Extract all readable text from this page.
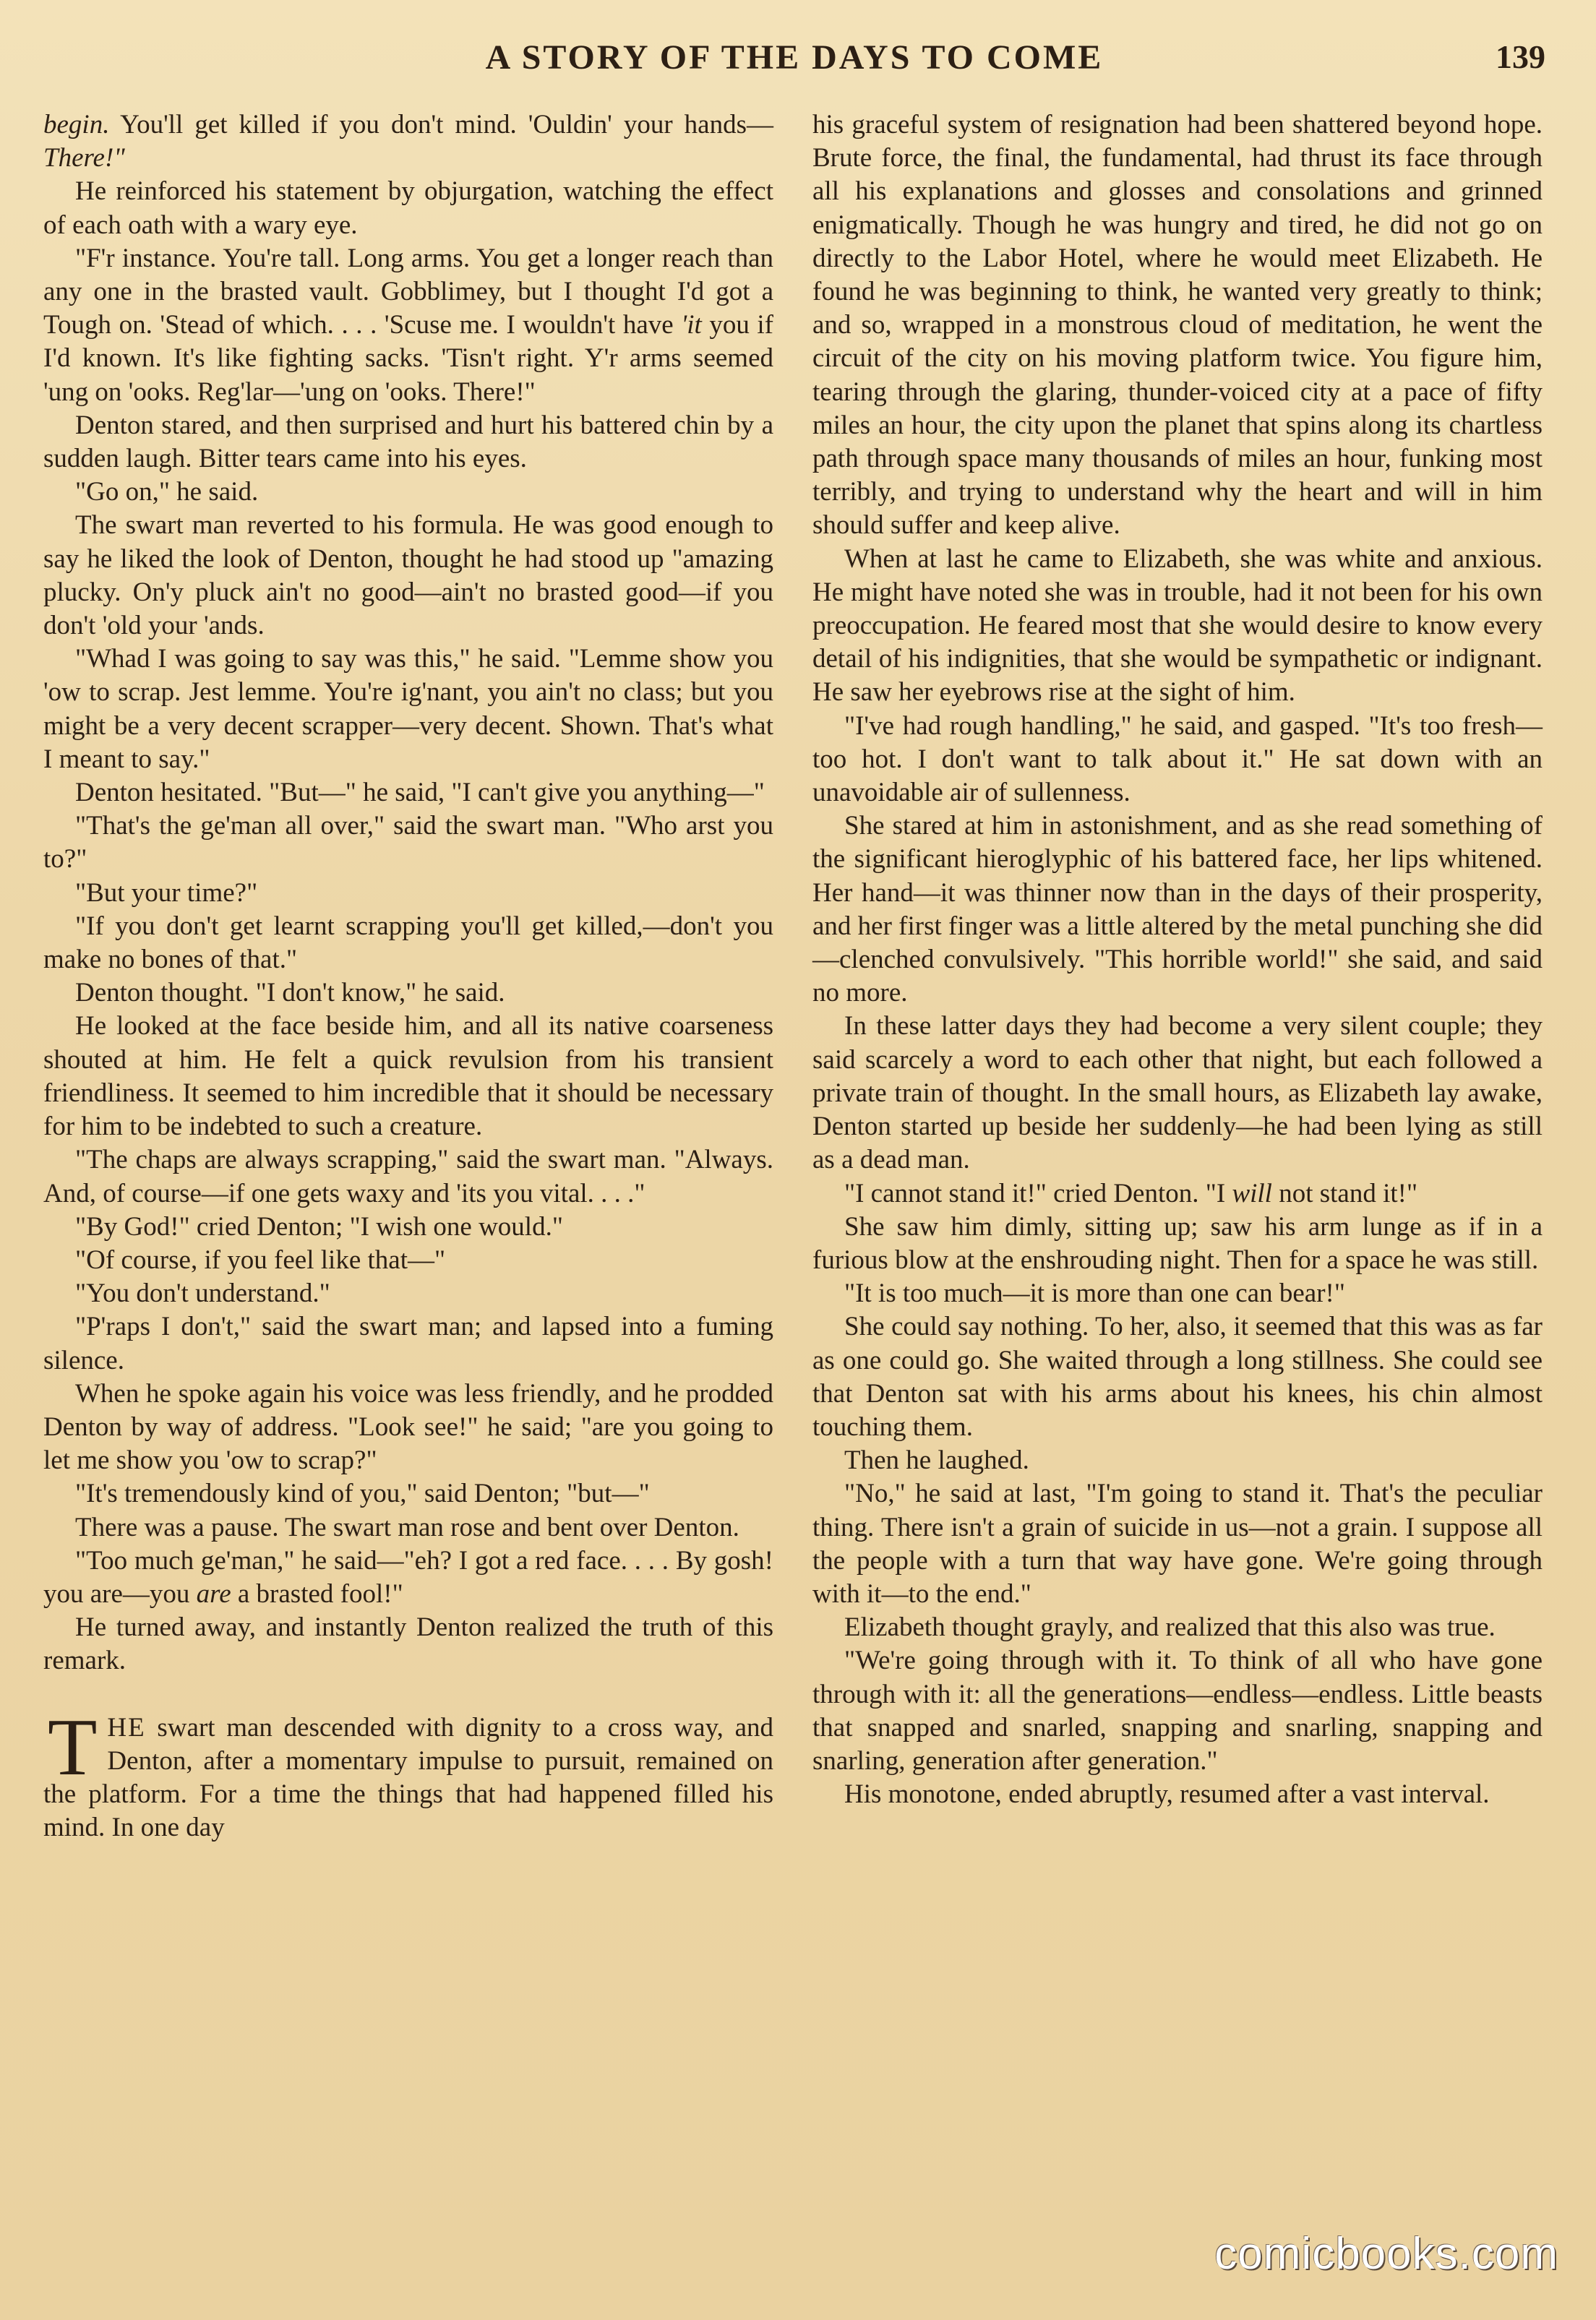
A STORY OF THE DAYS TO COME	139

begin. You'll get killed if you don't mind. 'Ouldin' your hands—There!"

He reinforced his statement by objurgation, watching the effect of each oath with a wary eye.

"F'r instance. You're tall. Long arms. You get a longer reach than any one in the brasted vault. Gobblimey, but I thought I'd got a Tough on. 'Stead of which. . . . 'Scuse me. I wouldn't have 'it you if I'd known. It's like fighting sacks. 'Tisn't right. Y'r arms seemed 'ung on 'ooks. Reg'lar—'ung on 'ooks. There!"

Denton stared, and then surprised and hurt his battered chin by a sudden laugh. Bitter tears came into his eyes.

"Go on," he said.

The swart man reverted to his formula. He was good enough to say he liked the look of Denton, thought he had stood up "amazing plucky. On'y pluck ain't no good—ain't no brasted good—if you don't 'old your 'ands.

"Whad I was going to say was this," he said. "Lemme show you 'ow to scrap. Jest lemme. You're ig'nant, you ain't no class; but you might be a very decent scrapper—very decent. Shown. That's what I meant to say."

Denton hesitated. "But—" he said, "I can't give you anything—"

"That's the ge'man all over," said the swart man. "Who arst you to?"

"But your time?"

"If you don't get learnt scrapping you'll get killed,—don't you make no bones of that."

Denton thought. "I don't know," he said.

He looked at the face beside him, and all its native coarseness shouted at him. He felt a quick revulsion from his transient friendliness. It seemed to him incredible that it should be necessary for him to be indebted to such a creature.

"The chaps are always scrapping," said the swart man. "Always. And, of course—if one gets waxy and 'its you vital. . . ."

"By God!" cried Denton; "I wish one would."

"Of course, if you feel like that—"

"You don't understand."

"P'raps I don't," said the swart man; and lapsed into a fuming silence.

When he spoke again his voice was less friendly, and he prodded Denton by way of address. "Look see!" he said; "are you going to let me show you 'ow to scrap?"

"It's tremendously kind of you," said Denton; "but—"

There was a pause. The swart man rose and bent over Denton.

"Too much ge'man," he said—"eh? I got a red face. . . . By gosh! you are—you are a brasted fool!"

He turned away, and instantly Denton realized the truth of this remark.

THE swart man descended with dignity to a cross way, and Denton, after a momentary impulse to pursuit, remained on the platform. For a time the things that had happened filled his mind. In one day

his graceful system of resignation had been shattered beyond hope. Brute force, the final, the fundamental, had thrust its face through all his explanations and glosses and consolations and grinned enigmatically. Though he was hungry and tired, he did not go on directly to the Labor Hotel, where he would meet Elizabeth. He found he was beginning to think, he wanted very greatly to think; and so, wrapped in a monstrous cloud of meditation, he went the circuit of the city on his moving platform twice. You figure him, tearing through the glaring, thunder-voiced city at a pace of fifty miles an hour, the city upon the planet that spins along its chartless path through space many thousands of miles an hour, funking most terribly, and trying to understand why the heart and will in him should suffer and keep alive.

When at last he came to Elizabeth, she was white and anxious. He might have noted she was in trouble, had it not been for his own preoccupation. He feared most that she would desire to know every detail of his indignities, that she would be sympathetic or indignant. He saw her eyebrows rise at the sight of him.

"I've had rough handling," he said, and gasped. "It's too fresh—too hot. I don't want to talk about it." He sat down with an unavoidable air of sullenness.

She stared at him in astonishment, and as she read something of the significant hieroglyphic of his battered face, her lips whitened. Her hand—it was thinner now than in the days of their prosperity, and her first finger was a little altered by the metal punching she did—clenched convulsively. "This horrible world!" she said, and said no more.

In these latter days they had become a very silent couple; they said scarcely a word to each other that night, but each followed a private train of thought. In the small hours, as Elizabeth lay awake, Denton started up beside her suddenly—he had been lying as still as a dead man.

"I cannot stand it!" cried Denton. "I will not stand it!"

She saw him dimly, sitting up; saw his arm lunge as if in a furious blow at the enshrouding night. Then for a space he was still.

"It is too much—it is more than one can bear!"

She could say nothing. To her, also, it seemed that this was as far as one could go. She waited through a long stillness. She could see that Denton sat with his arms about his knees, his chin almost touching them.

Then he laughed.

"No," he said at last, "I'm going to stand it. That's the peculiar thing. There isn't a grain of suicide in us—not a grain. I suppose all the people with a turn that way have gone. We're going through with it—to the end."

Elizabeth thought grayly, and realized that this also was true.

"We're going through with it. To think of all who have gone through with it: all the generations—endless—endless. Little beasts that snapped and snarled, snapping and snarling, snapping and snarling, generation after generation."

His monotone, ended abruptly, resumed after a vast interval.

comicbooks.com
